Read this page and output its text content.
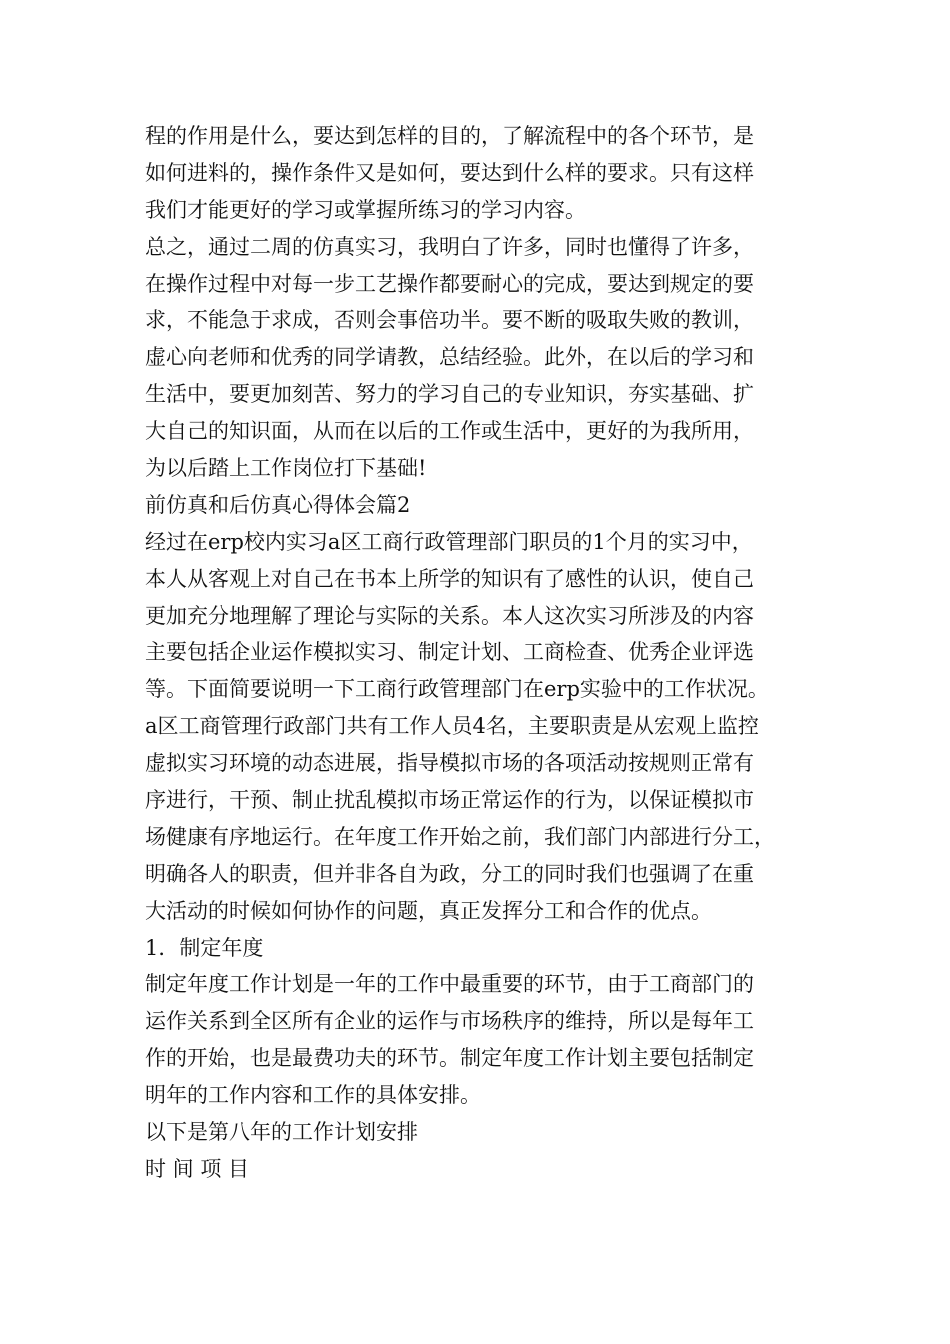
程的作用是什么，要达到怎样的目的，了解流程中的各个环节，是
如何进料的，操作条件又是如何，要达到什么样的要求。只有这样
我们才能更好的学习或掌握所练习的学习内容。
总之，通过二周的仿真实习，我明白了许多，同时也懂得了许多，
在操作过程中对每一步工艺操作都要耐心的完成，要达到规定的要
求，不能急于求成，否则会事倍功半。要不断的吸取失败的教训，
虚心向老师和优秀的同学请教，总结经验。此外，在以后的学习和
生活中，要更加刻苦、努力的学习自己的专业知识，夯实基础、扩
大自己的知识面，从而在以后的工作或生活中，更好的为我所用，
为以后踏上工作岗位打下基础!
前仿真和后仿真心得体会篇2
经过在erp校内实习a区工商行政管理部门职员的1个月的实习中，
本人从客观上对自己在书本上所学的知识有了感性的认识，使自己
更加充分地理解了理论与实际的关系。本人这次实习所涉及的内容
主要包括企业运作模拟实习、制定计划、工商检查、优秀企业评选
等。下面简要说明一下工商行政管理部门在erp实验中的工作状况。
a区工商管理行政部门共有工作人员4名，主要职责是从宏观上监控
虚拟实习环境的动态进展，指导模拟市场的各项活动按规则正常有
序进行，干预、制止扰乱模拟市场正常运作的行为，以保证模拟市
场健康有序地运行。在年度工作开始之前，我们部门内部进行分工，
明确各人的职责，但并非各自为政，分工的同时我们也强调了在重
大活动的时候如何协作的问题，真正发挥分工和合作的优点。
1．制定年度
制定年度工作计划是一年的工作中最重要的环节，由于工商部门的
运作关系到全区所有企业的运作与市场秩序的维持，所以是每年工
作的开始，也是最费功夫的环节。制定年度工作计划主要包括制定
明年的工作内容和工作的具体安排。
以下是第八年的工作计划安排
时 间 项 目
